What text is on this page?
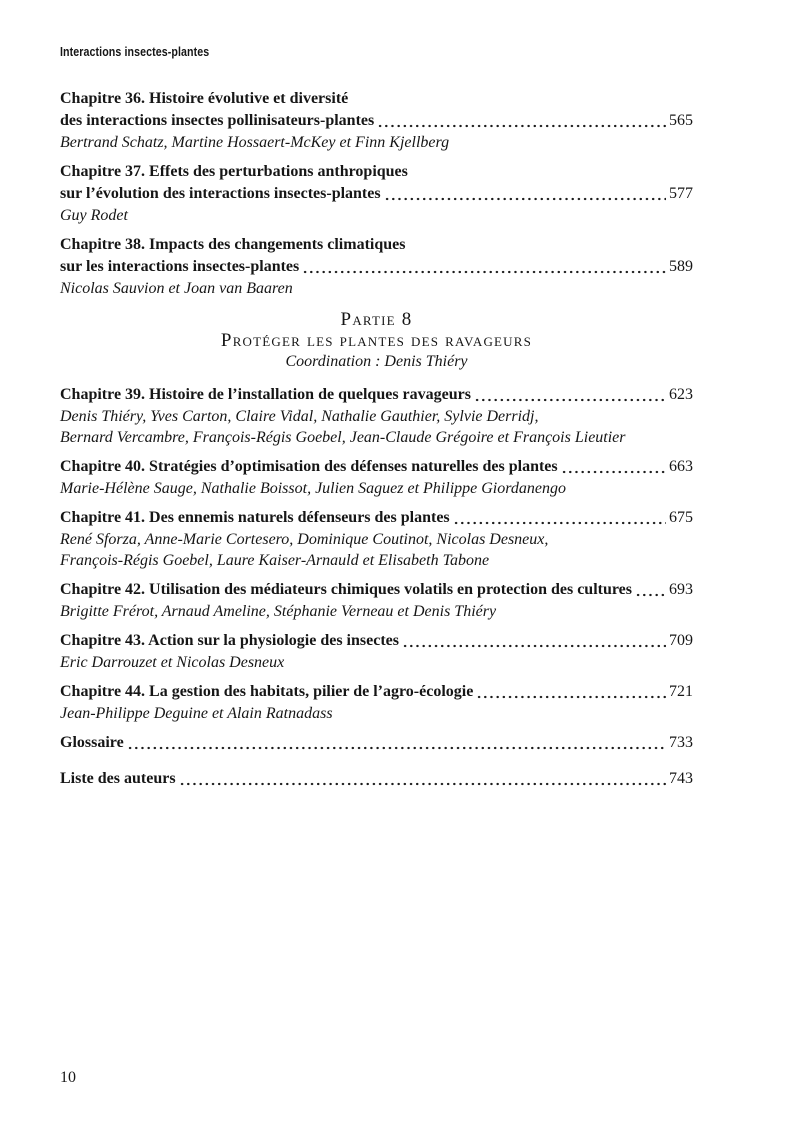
Interactions insectes-plantes
Chapitre 36. Histoire évolutive et diversité
des interactions insectes pollinisateurs-plantes	565
Bertrand Schatz, Martine Hossaert-McKey et Finn Kjellberg
Chapitre 37. Effets des perturbations anthropiques
sur l’évolution des interactions insectes-plantes	577
Guy Rodet
Chapitre 38. Impacts des changements climatiques
sur les interactions insectes-plantes	589
Nicolas Sauvion et Joan van Baaren
Partie 8
Protéger les plantes des ravageurs
Coordination : Denis Thiéry
Chapitre 39. Histoire de l’installation de quelques ravageurs	623
Denis Thiéry, Yves Carton, Claire Vidal, Nathalie Gauthier, Sylvie Derridj,
Bernard Vercambre, François-Régis Goebel, Jean-Claude Grégoire et François Lieutier
Chapitre 40. Stratégies d’optimisation des défenses naturelles des plantes	663
Marie-Hélène Sauge, Nathalie Boissot, Julien Saguez et Philippe Giordanengo
Chapitre 41. Des ennemis naturels défenseurs des plantes	675
René Sforza, Anne-Marie Cortesero, Dominique Coutinot, Nicolas Desneux,
François-Régis Goebel, Laure Kaiser-Arnauld et Elisabeth Tabone
Chapitre 42. Utilisation des médiateurs chimiques volatils en protection des cultures 693
Brigitte Frérot, Arnaud Ameline, Stéphanie Verneau et Denis Thiéry
Chapitre 43. Action sur la physiologie des insectes	709
Eric Darrouzet et Nicolas Desneux
Chapitre 44. La gestion des habitats, pilier de l’agro-écologie	721
Jean-Philippe Deguine et Alain Ratnadass
Glossaire	733
Liste des auteurs	743
10
